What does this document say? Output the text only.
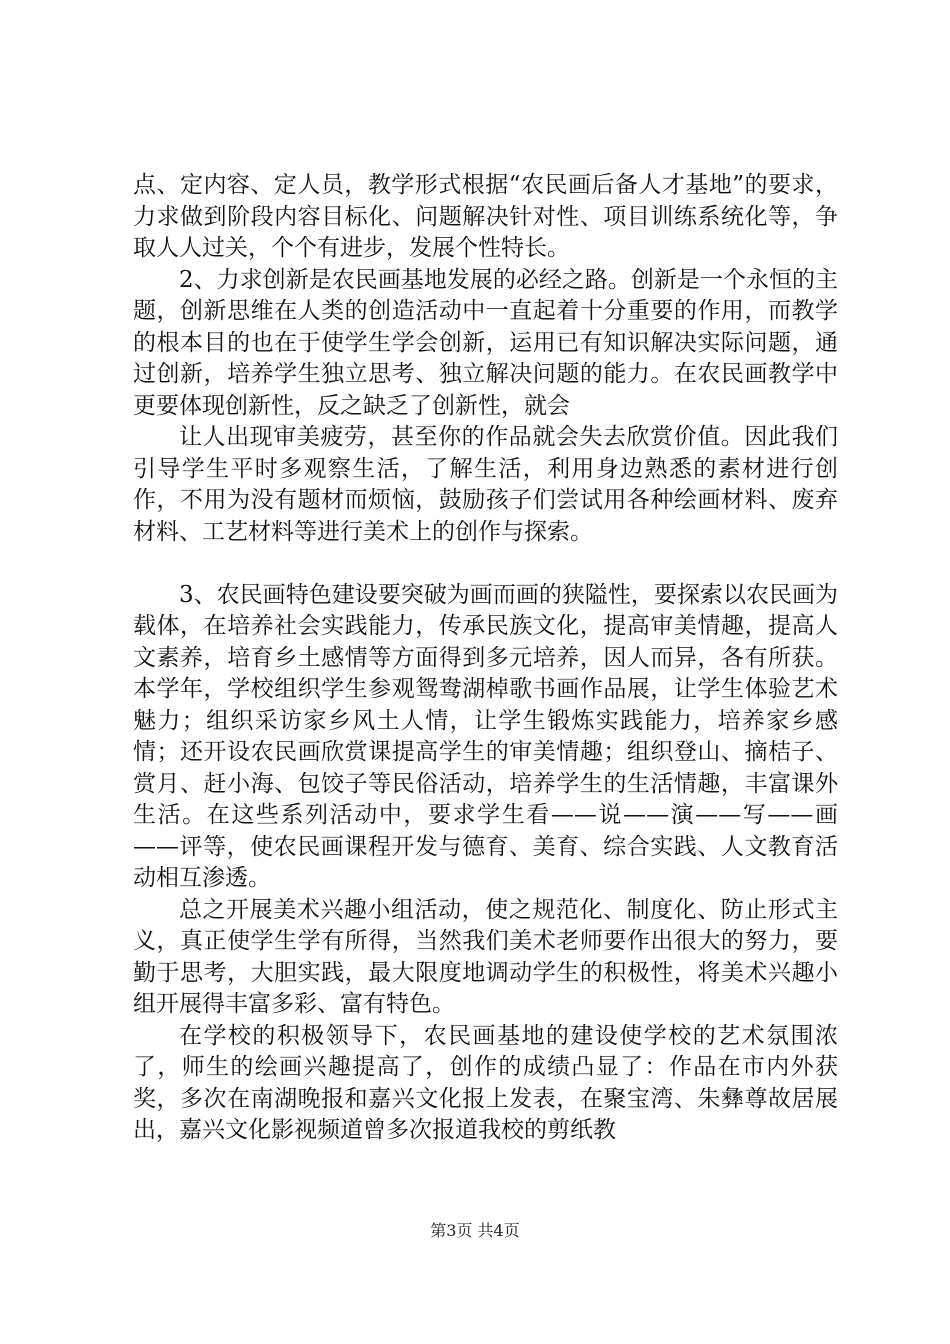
点、定内容、定人员，教学形式根据“农民画后备人才基地”的要求，力求做到阶段内容目标化、问题解决针对性、项目训练系统化等，争取人人过关，个个有进步，发展个性特长。

2、力求创新是农民画基地发展的必经之路。创新是一个永恒的主题，创新思维在人类的创造活动中一直起着十分重要的作用，而教学的根本目的也在于使学生学会创新，运用已有知识解决实际问题，通过创新，培养学生独立思考、独立解决问题的能力。在农民画教学中更要体现创新性，反之缺乏了创新性，就会

让人出现审美疲劳，甚至你的作品就会失去欣赏价值。因此我们引导学生平时多观察生活，了解生活，利用身边熟悉的素材进行创作，不用为没有题材而烦恼，鼓励孩子们尝试用各种绘画材料、废弃材料、工艺材料等进行美术上的创作与探索。

3、农民画特色建设要突破为画而画的狭隘性，要探索以农民画为载体，在培养社会实践能力，传承民族文化，提高审美情趣，提高人文素养，培育乡土感情等方面得到多元培养，因人而异，各有所获。本学年，学校组织学生参观鸳鸯湖棹歌书画作品展，让学生体验艺术魅力；组织采访家乡风土人情，让学生锻炼实践能力，培养家乡感情；还开设农民画欣赏课提高学生的审美情趣；组织登山、摘桔子、赏月、赶小海、包饺子等民俗活动，培养学生的生活情趣，丰富课外生活。在这些系列活动中，要求学生看——说——演——写——画——评等，使农民画课程开发与德育、美育、综合实践、人文教育活动相互渗透。

总之开展美术兴趣小组活动，使之规范化、制度化、防止形式主义，真正使学生学有所得，当然我们美术老师要作出很大的努力，要勤于思考，大胆实践，最大限度地调动学生的积极性，将美术兴趣小组开展得丰富多彩、富有特色。

在学校的积极领导下，农民画基地的建设使学校的艺术氛围浓了，师生的绘画兴趣提高了，创作的成绩凸显了：作品在市内外获奖，多次在南湖晚报和嘉兴文化报上发表，在聚宝湾、朱彝尊故居展出，嘉兴文化影视频道曾多次报道我校的剪纸教

第3页 共4页
